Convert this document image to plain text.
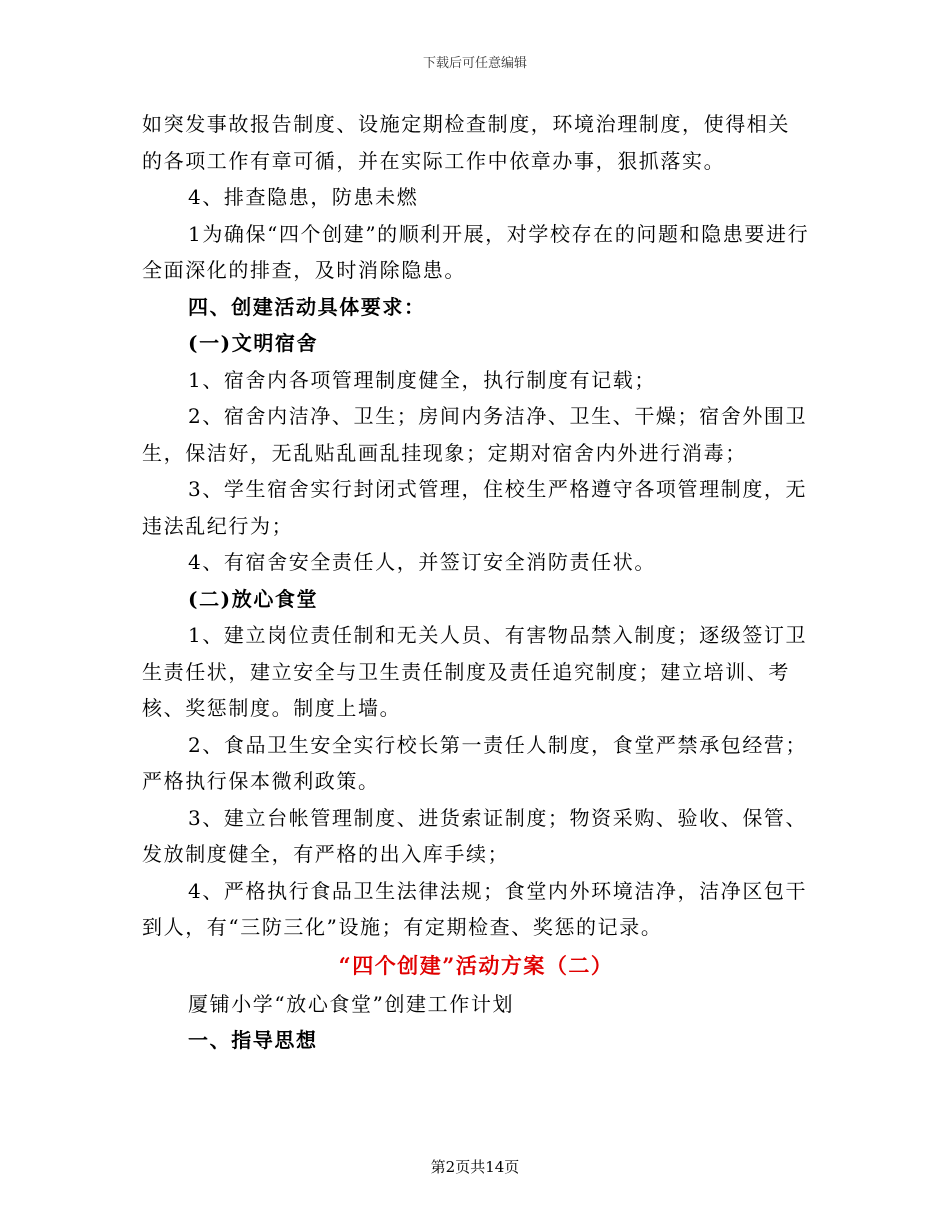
下载后可任意编辑

如突发事故报告制度、设施定期检查制度，环境治理制度，使得相关的各项工作有章可循，并在实际工作中依章办事，狠抓落实。

4、排查隐患，防患未燃

1为确保“四个创建”的顺利开展，对学校存在的问题和隐患要进行全面深化的排查，及时消除隐患。

四、创建活动具体要求：

(一)文明宿舍

1、宿舍内各项管理制度健全，执行制度有记载；

2、宿舍内洁净、卫生；房间内务洁净、卫生、干燥；宿舍外围卫生，保洁好，无乱贴乱画乱挂现象；定期对宿舍内外进行消毒；

3、学生宿舍实行封闭式管理，住校生严格遵守各项管理制度，无违法乱纪行为；

4、有宿舍安全责任人，并签订安全消防责任状。

(二)放心食堂

1、建立岗位责任制和无关人员、有害物品禁入制度；逐级签订卫生责任状，建立安全与卫生责任制度及责任追究制度；建立培训、考核、奖惩制度。制度上墙。

2、食品卫生安全实行校长第一责任人制度，食堂严禁承包经营；严格执行保本微利政策。

3、建立台帐管理制度、进货索证制度；物资采购、验收、保管、发放制度健全，有严格的出入库手续；

4、严格执行食品卫生法律法规；食堂内外环境洁净，洁净区包干到人，有“三防三化”设施；有定期检查、奖惩的记录。

“四个创建”活动方案（二）

厦铺小学“放心食堂”创建工作计划

一、指导思想

第2页共14页
